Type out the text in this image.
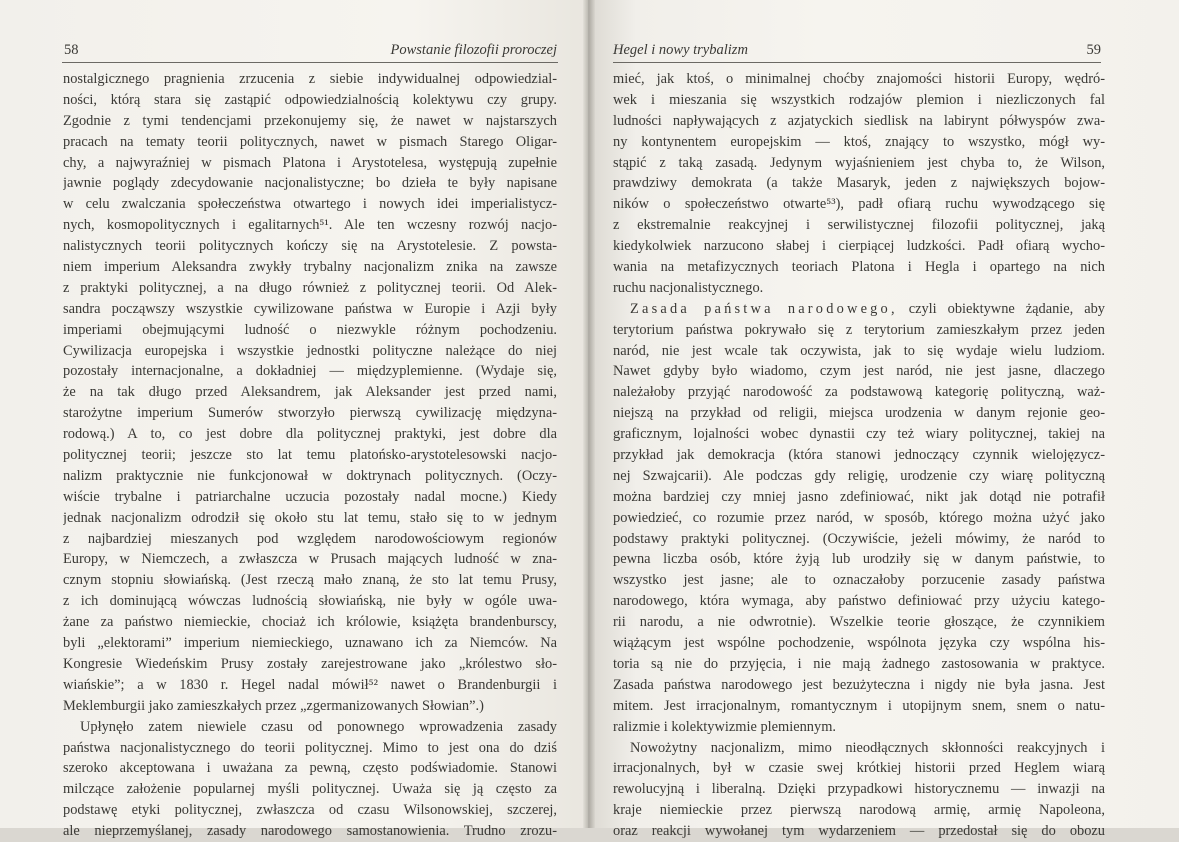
58	Powstanie filozofii proroczej
nostalgicznego pragnienia zrzucenia z siebie indywidualnej odpowiedzial-
ności, którą stara się zastąpić odpowiedzialnością kolektywu czy grupy.
Zgodnie z tymi tendencjami przekonujemy się, że nawet w najstarszych
pracach na tematy teorii politycznych, nawet w pismach Starego Oligar-
chy, a najwyraźniej w pismach Platona i Arystotelesa, występują zupełnie
jawnie poglądy zdecydowanie nacjonalistyczne; bo dzieła te były napisane
w celu zwalczania społeczeństwa otwartego i nowych idei imperialistycz-
nych, kosmopolitycznych i egalitarnych⁵¹. Ale ten wczesny rozwój nacjo-
nalistycznych teorii politycznych kończy się na Arystotelesie. Z powsta-
niem imperium Aleksandra zwykły trybalny nacjonalizm znika na zawsze
z praktyki politycznej, a na długo również z politycznej teorii. Od Alek-
sandra począwszy wszystkie cywilizowane państwa w Europie i Azji były
imperiami obejmującymi ludność o niezwykle różnym pochodzeniu.
Cywilizacja europejska i wszystkie jednostki polityczne należące do niej
pozostały internacjonalne, a dokładniej — międzyplemienne. (Wydaje się,
że na tak długo przed Aleksandrem, jak Aleksander jest przed nami,
starożytne imperium Sumerów stworzyło pierwszą cywilizację międzyna-
rodową.) A to, co jest dobre dla politycznej praktyki, jest dobre dla
politycznej teorii; jeszcze sto lat temu platońsko-arystotelesowski nacjo-
nalizm praktycznie nie funkcjonował w doktrynach politycznych. (Oczy-
wiście trybalne i patriarchalne uczucia pozostały nadal mocne.) Kiedy
jednak nacjonalizm odrodził się około stu lat temu, stało się to w jednym
z najbardziej mieszanych pod względem narodowościowym regionów
Europy, w Niemczech, a zwłaszcza w Prusach mających ludność w zna-
cznym stopniu słowiańską. (Jest rzeczą mało znaną, że sto lat temu Prusy,
z ich dominującą wówczas ludnością słowiańską, nie były w ogóle uwa-
żane za państwo niemieckie, chociaż ich królowie, książęta brandenburscy,
byli „elektorami” imperium niemieckiego, uznawano ich za Niemców. Na
Kongresie Wiedeńskim Prusy zostały zarejestrowane jako „królestwo sło-
wiańskie”; a w 1830 r. Hegel nadal mówił⁵² nawet o Brandenburgii i
Meklemburgii jako zamieszkałych przez „zgermanizowanych Słowian”.)
Upłynęło zatem niewiele czasu od ponownego wprowadzenia zasady
państwa nacjonalistycznego do teorii politycznej. Mimo to jest ona do dziś
szeroko akceptowana i uważana za pewną, często podświadomie. Stanowi
milczące założenie popularnej myśli politycznej. Uważa się ją często za
podstawę etyki politycznej, zwłaszcza od czasu Wilsonowskiej, szczerej,
ale nieprzemyślanej, zasady narodowego samostanowienia. Trudno zrozu-
Hegel i nowy trybalizm	59
mieć, jak ktoś, o minimalnej choćby znajomości historii Europy, wędró-
wek i mieszania się wszystkich rodzajów plemion i niezliczonych fal
ludności napływających z azjatyckich siedlisk na labirynt półwyspów zwa-
ny kontynentem europejskim — ktoś, znający to wszystko, mógł wy-
stąpić z taką zasadą. Jedynym wyjaśnieniem jest chyba to, że Wilson,
prawdziwy demokrata (a także Masaryk, jeden z największych bojow-
ników o społeczeństwo otwarte⁵³), padł ofiarą ruchu wywodzącego się
z ekstremalnie reakcyjnej i serwilistycznej filozofii politycznej, jaką
kiedykolwiek narzucono słabej i cierpiącej ludzkości. Padł ofiarą wycho-
wania na metafizycznych teoriach Platona i Hegla i opartego na nich
ruchu nacjonalistycznego.
Zasada państwa narodowego, czyli obiektywne żądanie, aby
terytorium państwa pokrywało się z terytorium zamieszkałym przez jeden
naród, nie jest wcale tak oczywista, jak to się wydaje wielu ludziom.
Nawet gdyby było wiadomo, czym jest naród, nie jest jasne, dlaczego
należałoby przyjąć narodowość za podstawową kategorię polityczną, waż-
niejszą na przykład od religii, miejsca urodzenia w danym rejonie geo-
graficznym, lojalności wobec dynastii czy też wiary politycznej, takiej na
przykład jak demokracja (która stanowi jednoczący czynnik wielojęzycz-
nej Szwajcarii). Ale podczas gdy religię, urodzenie czy wiarę polityczną
można bardziej czy mniej jasno zdefiniować, nikt jak dotąd nie potrafił
powiedzieć, co rozumie przez naród, w sposób, którego można użyć jako
podstawy praktyki politycznej. (Oczywiście, jeżeli mówimy, że naród to
pewna liczba osób, które żyją lub urodziły się w danym państwie, to
wszystko jest jasne; ale to oznaczałoby porzucenie zasady państwa
narodowego, która wymaga, aby państwo definiować przy użyciu katego-
rii narodu, a nie odwrotnie). Wszelkie teorie głoszące, że czynnikiem
wiążącym jest wspólne pochodzenie, wspólnota języka czy wspólna his-
toria są nie do przyjęcia, i nie mają żadnego zastosowania w praktyce.
Zasada państwa narodowego jest bezużyteczna i nigdy nie była jasna. Jest
mitem. Jest irracjonalnym, romantycznym i utopijnym snem, snem o natu-
ralizmie i kolektywizmie plemiennym.
Nowożytny nacjonalizm, mimo nieodłącznych skłonności reakcyjnych i
irracjonalnych, był w czasie swej krótkiej historii przed Heglem wiarą
rewolucyjną i liberalną. Dzięki przypadkowi historycznemu — inwazji na
kraje niemieckie przez pierwszą narodową armię, armię Napoleona,
oraz reakcji wywołanej tym wydarzeniem — przedostał się do obozu
